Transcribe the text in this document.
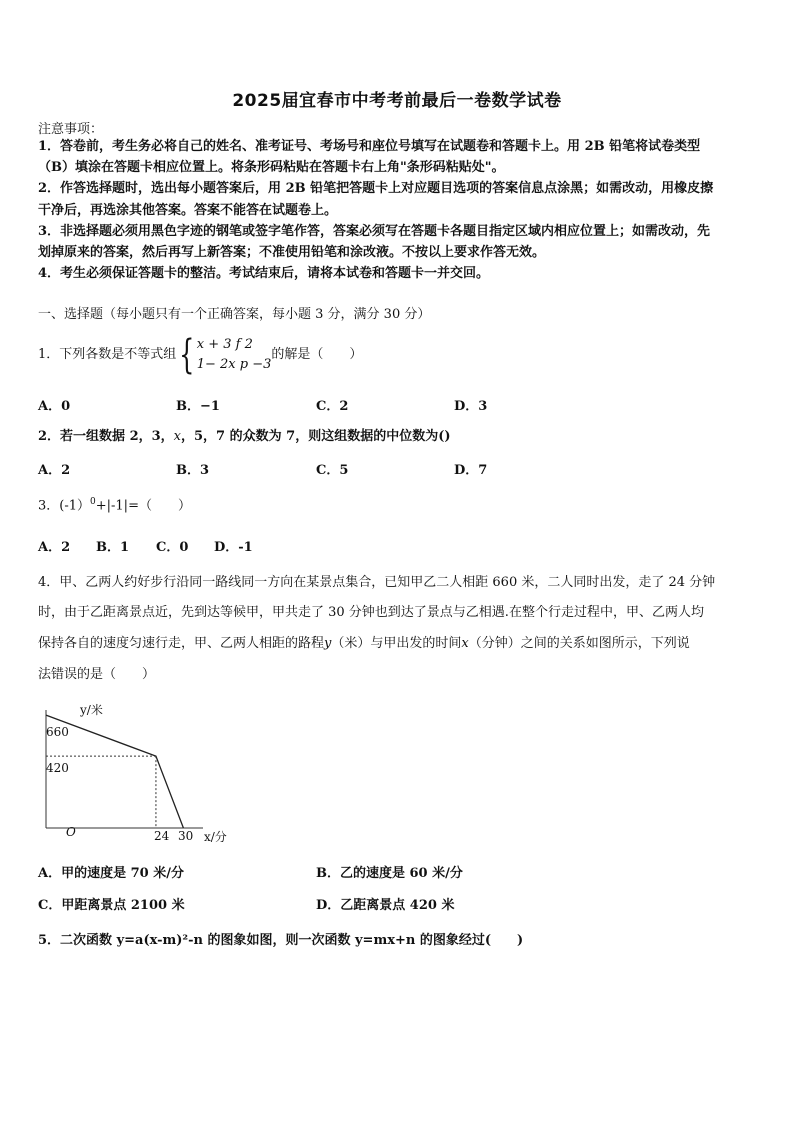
2025届宜春市中考考前最后一卷数学试卷
注意事项：
1．答卷前，考生务必将自己的姓名、准考证号、考场号和座位号填写在试题卷和答题卡上。用 2B 铅笔将试卷类型
（B）填涂在答题卡相应位置上。将条形码粘贴在答题卡右上角"条形码粘贴处"。
2．作答选择题时，选出每小题答案后，用 2B 铅笔把答题卡上对应题目选项的答案信息点涂黑；如需改动，用橡皮擦
干净后，再选涂其他答案。答案不能答在试题卷上。
3．非选择题必须用黑色字迹的钢笔或签字笔作答，答案必须写在答题卡各题目指定区域内相应位置上；如需改动，先
划掉原来的答案，然后再写上新答案；不准使用铅笔和涂改液。不按以上要求作答无效。
4．考生必须保证答题卡的整洁。考试结束后，请将本试卷和答题卡一并交回。
一、选择题（每小题只有一个正确答案，每小题 3 分，满分 30 分）
1．下列各数是不等式组{ x + 3 f 2
1− 2x p −3
的解是（　　）
A．0	B．−1	C．2	D．3
2．若一组数据 2，3，x，5，7 的众数为 7，则这组数据的中位数为()
A．2	B．3	C．5	D．7
3．(-1）$^0$+|-1|=（　　）
A．2 B．1 C．0 D．-1
4．甲、乙两人约好步行沿同一路线同一方向在某景点集合，已知甲乙二人相距 660 米，二人同时出发，走了 24 分钟
时，由于乙距离景点近，先到达等候甲，甲共走了 30 分钟也到达了景点与乙相遇.在整个行走过程中，甲、乙两人均
保持各自的速度匀速行走，甲、乙两人相距的路程y（米）与甲出发的时间x（分钟）之间的关系如图所示，下列说
法错误的是（　　）
y/米
x/分
O
660
420
24 30
A．甲的速度是 70 米/分	B．乙的速度是 60 米/分
C．甲距离景点 2100 米	D．乙距离景点 420 米
5．二次函数 y=a(x-m)²-n 的图象如图，则一次函数 y=mx+n 的图象经过(　　)
